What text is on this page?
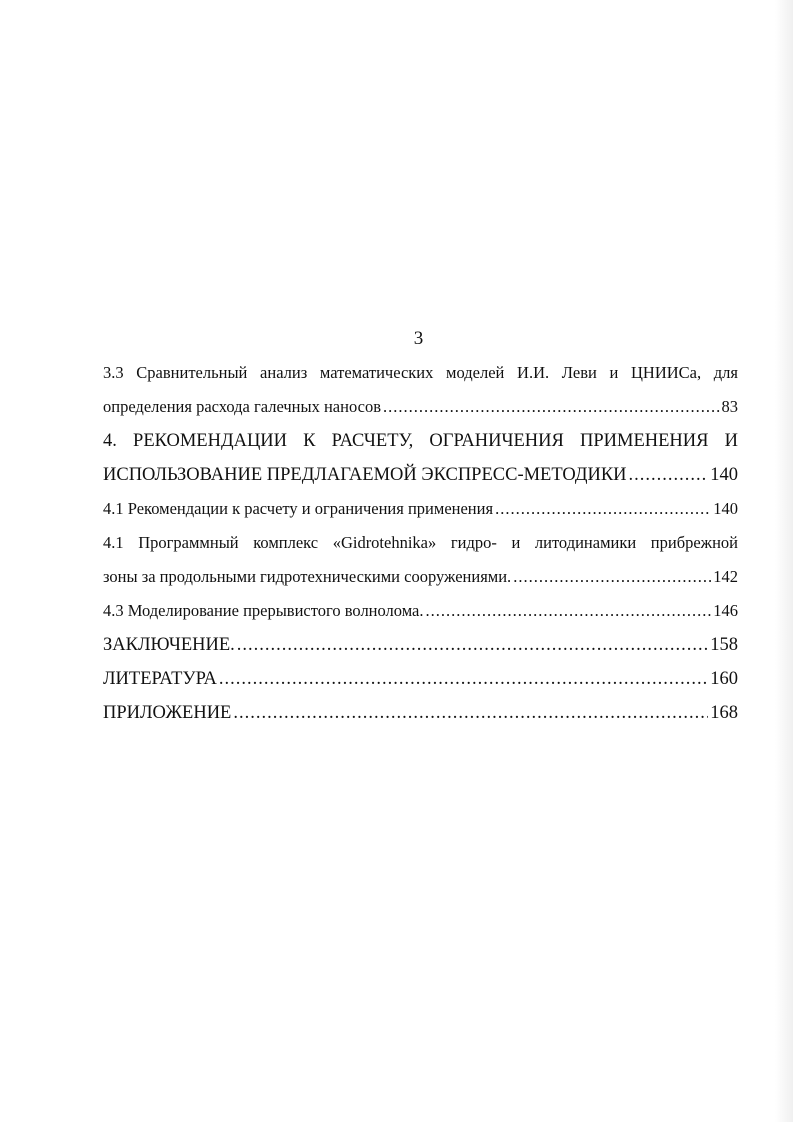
3
3.3 Сравнительный анализ математических моделей И.И. Леви и ЦНИИСа, для
определения расхода галечных наносов .....	83
4. РЕКОМЕНДАЦИИ К РАСЧЕТУ, ОГРАНИЧЕНИЯ ПРИМЕНЕНИЯ И
ИСПОЛЬЗОВАНИЕ ПРЕДЛАГАЕМОЙ ЭКСПРЕСС-МЕТОДИКИ .....	140
4.1 Рекомендации к расчету и ограничения применения .....	140
4.1 Программный комплекс «Gidrotehnika» гидро- и литодинамики прибрежной
зоны за продольными гидротехническими сооружениями. .....	142
4.3 Моделирование прерывистого волнолома. .....	146
ЗАКЛЮЧЕНИЕ. .....	158
ЛИТЕРАТУРА .....	160
ПРИЛОЖЕНИЕ .....	168
